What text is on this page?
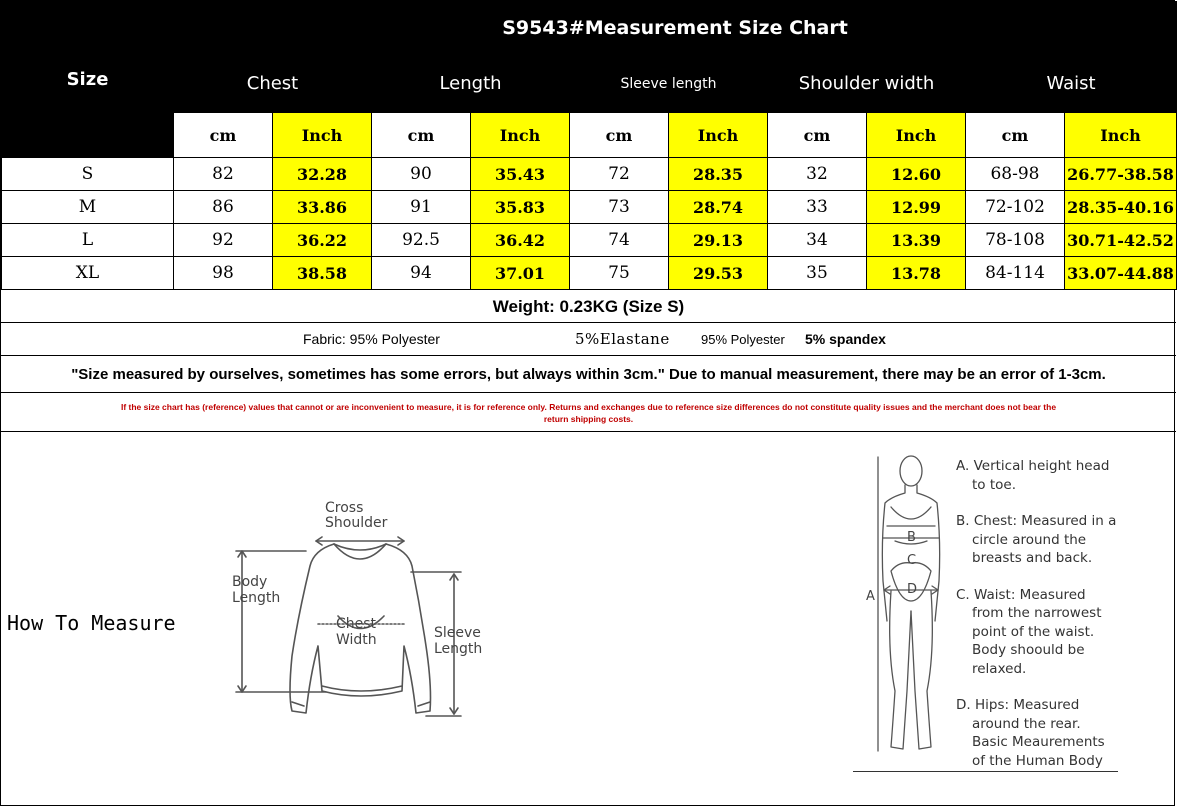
Size	S9543#Measurement Size Chart									
	Chest		Length		Sleeve length		Shoulder width		Waist	
	cm	Inch	cm	Inch	cm	Inch	cm	Inch	cm	Inch
S	82	32.28	90	35.43	72	28.35	32	12.60	68-98	26.77-38.58
M	86	33.86	91	35.83	73	28.74	33	12.99	72-102	28.35-40.16
L	92	36.22	92.5	36.42	74	29.13	34	13.39	78-108	30.71-42.52
XL	98	38.58	94	37.01	75	29.53	35	13.78	84-114	33.07-44.88
Weight: 0.23KG (Size S)
Fabric: 95% Polyester	5%Elastane 95% Polyester 5% spandex
"Size measured by ourselves, sometimes has some errors, but always within 3cm." Due to manual measurement, there may be an error of 1-3cm.
If the size chart has (reference) values that cannot or are inconvenient to measure, it is for reference only. Returns and exchanges due to reference size differences do not constitute quality issues and the merchant does not bear the
return shipping costs.
How To Measure
Cross
Shoulder
Body
Length
Chest
Width	Sleeve
Length
B
C
D
A

A. Vertical height head

to toe.

B. Chest: Measured in a

circle around the
breasts and back.

C. Waist: Measured

from the narrowest
point of the waist.
Body shoould be
relaxed.

D. Hips: Measured

around the rear.
Basic Meaurements
of the Human Body
